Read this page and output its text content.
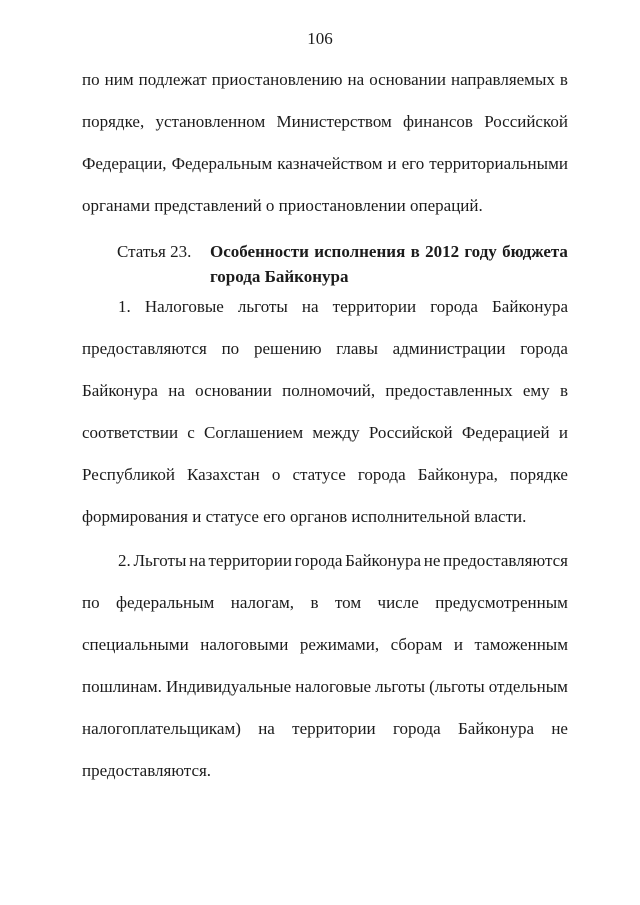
106
по ним подлежат приостановлению на основании направляемых в
порядке, установленном Министерством финансов Российской
Федерации, Федеральным казначейством и его территориальными
органами представлений о приостановлении операций.
Статья 23.	Особенности исполнения в 2012 году бюджета
города Байконура
1. Налоговые льготы на территории города Байконура
предоставляются по решению главы администрации города
Байконура на основании полномочий, предоставленных ему в
соответствии с Соглашением между Российской Федерацией и
Республикой Казахстан о статусе города Байконура, порядке
формирования и статусе его органов исполнительной власти.
2. Льготы на территории города Байконура не предоставляются
по федеральным налогам, в том числе предусмотренным
специальными налоговыми режимами, сборам и таможенным
пошлинам. Индивидуальные налоговые льготы (льготы отдельным
налогоплательщикам) на территории города Байконура не
предоставляются.
